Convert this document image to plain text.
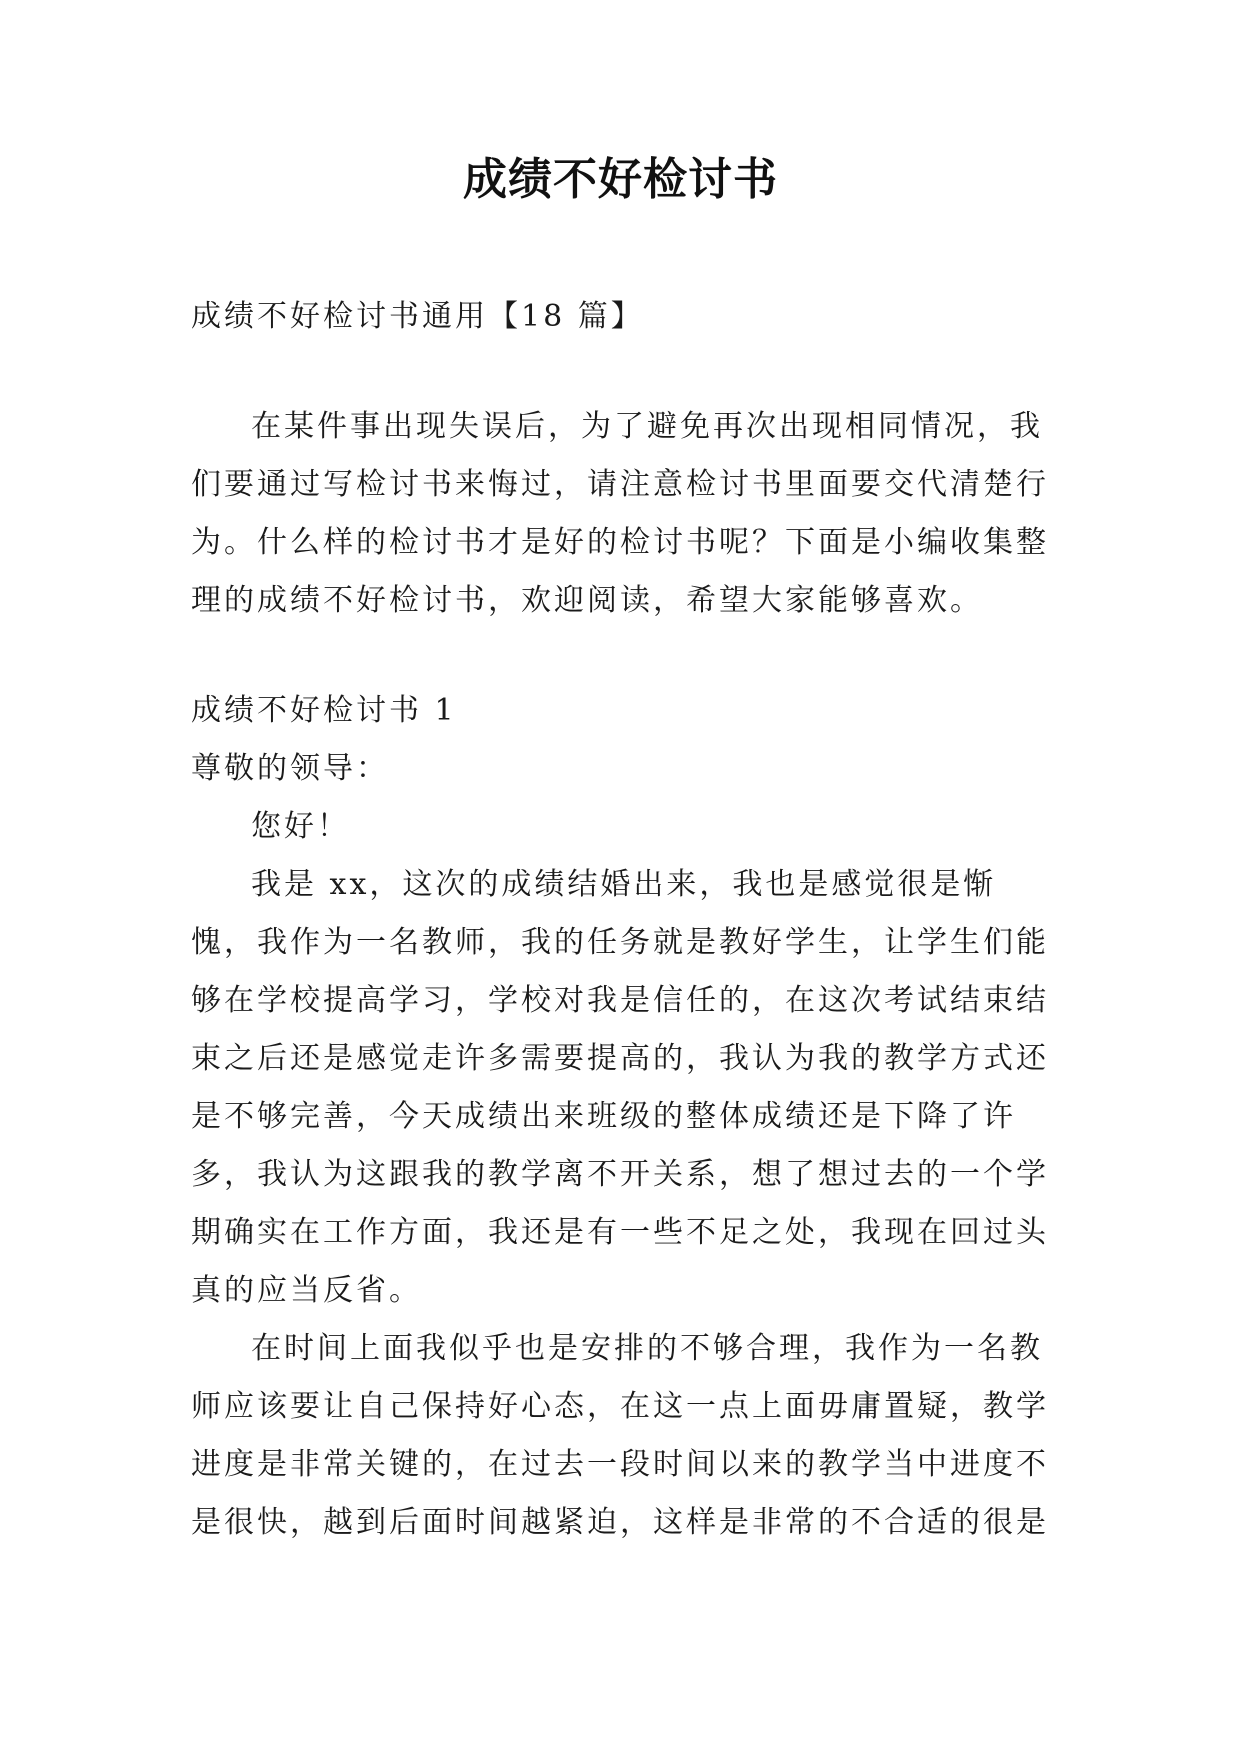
成绩不好检讨书

成绩不好检讨书通用【18 篇】

在某件事出现失误后，为了避免再次出现相同情况，我们要通过写检讨书来悔过，请注意检讨书里面要交代清楚行为。什么样的检讨书才是好的检讨书呢？下面是小编收集整理的成绩不好检讨书，欢迎阅读，希望大家能够喜欢。

成绩不好检讨书 1

尊敬的领导：

您好！

我是 xx，这次的成绩结婚出来，我也是感觉很是惭愧，我作为一名教师，我的任务就是教好学生，让学生们能够在学校提高学习，学校对我是信任的，在这次考试结束结束之后还是感觉走许多需要提高的，我认为我的教学方式还是不够完善，今天成绩出来班级的整体成绩还是下降了许多，我认为这跟我的教学离不开关系，想了想过去的一个学期确实在工作方面，我还是有一些不足之处，我现在回过头真的应当反省。

在时间上面我似乎也是安排的不够合理，我作为一名教师应该要让自己保持好心态，在这一点上面毋庸置疑，教学进度是非常关键的，在过去一段时间以来的教学当中进度不是很快，越到后面时间越紧迫，这样是非常的不合适的很是
